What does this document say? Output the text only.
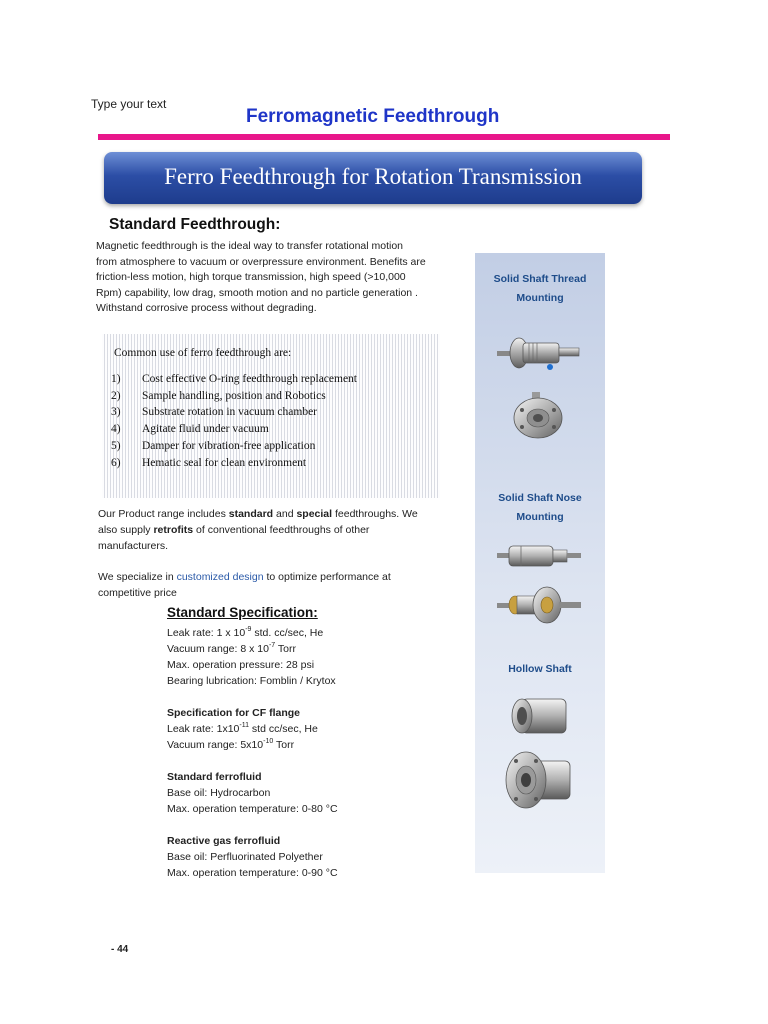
Type your text
Ferromagnetic Feedthrough
Ferro Feedthrough for Rotation Transmission
Standard Feedthrough:
Magnetic feedthrough is the ideal way to transfer rotational motion from atmosphere to vacuum or overpressure environment. Benefits are friction-less motion, high torque transmission, high speed (>10,000 Rpm) capability, low drag, smooth motion and no particle generation . Withstand corrosive process without degrading.
Common use of ferro feedthrough are:
1) Cost effective O-ring feedthrough replacement
2) Sample handling, position and Robotics
3) Substrate rotation in vacuum chamber
4) Agitate fluid under vacuum
5) Damper for vibration-free application
6) Hematic seal for clean environment
Our Product range includes standard and special feedthroughs. We also supply retrofits of conventional feedthroughs of other manufacturers.
We specialize in customized design to optimize performance at competitive price
Standard Specification:
Leak rate: 1 x $10^{-9}$ std. cc/sec, He
Vacuum range: 8 x $10^{-7}$ Torr
Max. operation pressure: 28 psi
Bearing lubrication: Fomblin / Krytox
Specification for CF flange
Leak rate: $1x10^{-11}$ std cc/sec, He
Vacuum range: $5x10^{-10}$ Torr
Standard ferrofluid
Base oil: Hydrocarbon
Max. operation temperature: 0-80 °C
Reactive gas ferrofluid
Base oil: Perfluorinated Polyether
Max. operation temperature: 0-90 °C
- 44
Solid Shaft Thread
Mounting
Solid Shaft Nose
Mounting
Hollow Shaft
